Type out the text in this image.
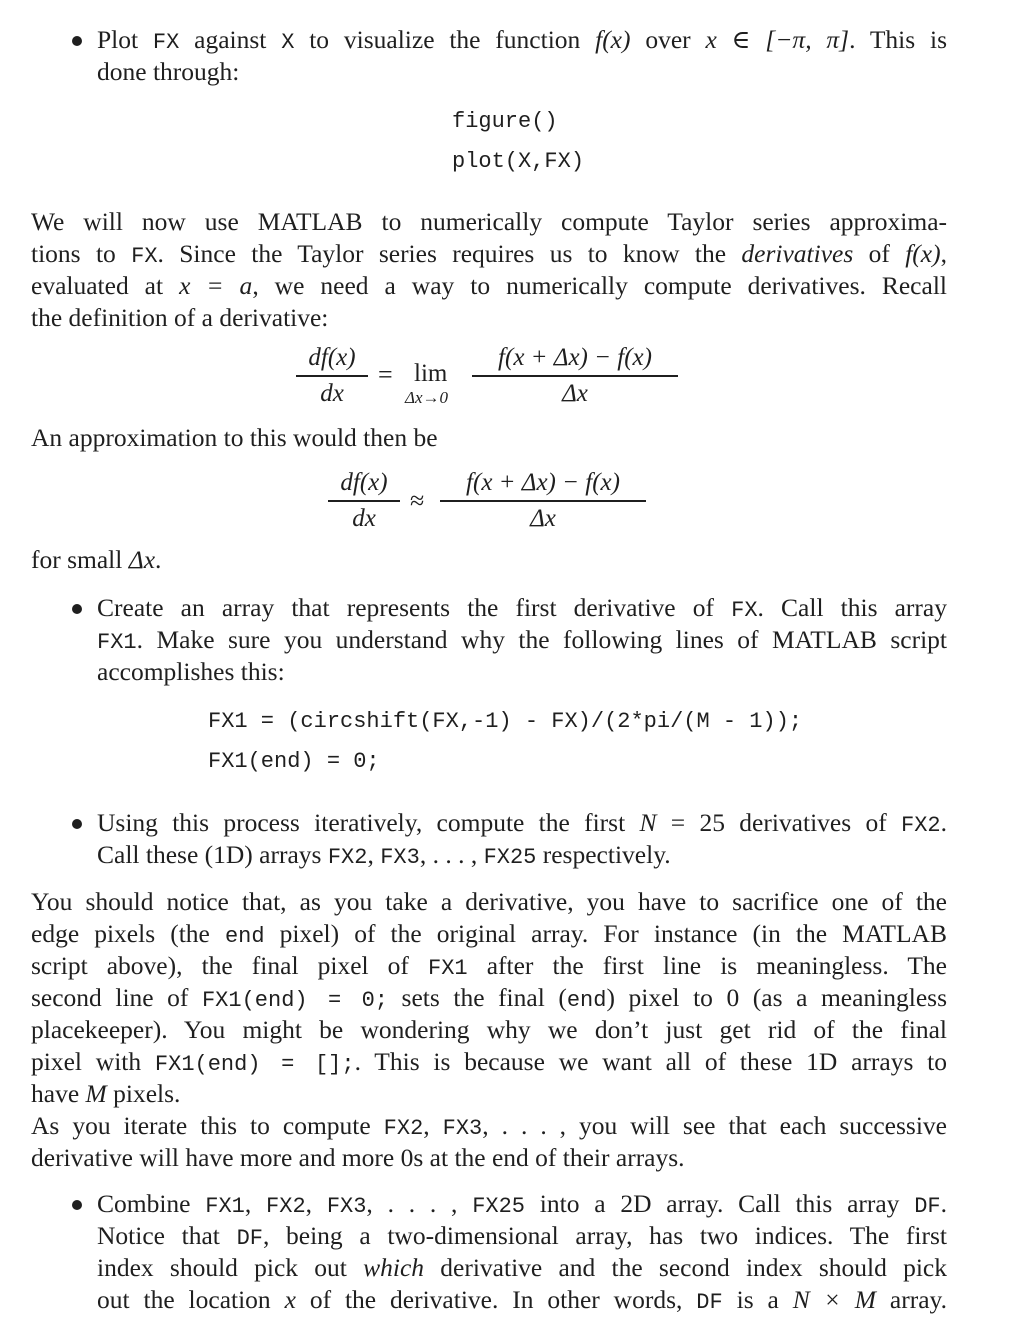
Plot FX against X to visualize the function f(x) over x ∈ [−π, π]. This is
done through:
figure()
plot(X,FX)
We will now use MATLAB to numerically compute Taylor series approxima-
tions to FX. Since the Taylor series requires us to know the derivatives of f(x),
evaluated at x = a, we need a way to numerically compute derivatives. Recall
the definition of a derivative:
df(x)
dx
= lim
Δx→0
f(x + Δx) − f(x)
Δx
An approximation to this would then be
df(x)
dx
≈
f(x + Δx) − f(x)
Δx
for small Δx.
Create an array that represents the first derivative of FX. Call this array
FX1. Make sure you understand why the following lines of MATLAB script
accomplishes this:
FX1 = (circshift(FX,-1) - FX)/(2*pi/(M - 1));
FX1(end) = 0;
Using this process iteratively, compute the first N = 25 derivatives of FX2.
Call these (1D) arrays FX2, FX3, . . . , FX25 respectively.
You should notice that, as you take a derivative, you have to sacrifice one of the
edge pixels (the end pixel) of the original array. For instance (in the MATLAB
script above), the final pixel of FX1 after the first line is meaningless. The
second line of FX1(end) = 0; sets the final (end) pixel to 0 (as a meaningless
placekeeper). You might be wondering why we don’t just get rid of the final
pixel with FX1(end) = [];. This is because we want all of these 1D arrays to
have M pixels.
As you iterate this to compute FX2, FX3, . . . , you will see that each successive
derivative will have more and more 0s at the end of their arrays.
Combine FX1, FX2, FX3, . . . , FX25 into a 2D array. Call this array DF.
Notice that DF, being a two-dimensional array, has two indices. The first
index should pick out which derivative and the second index should pick
out the location x of the derivative. In other words, DF is a N × M array.
